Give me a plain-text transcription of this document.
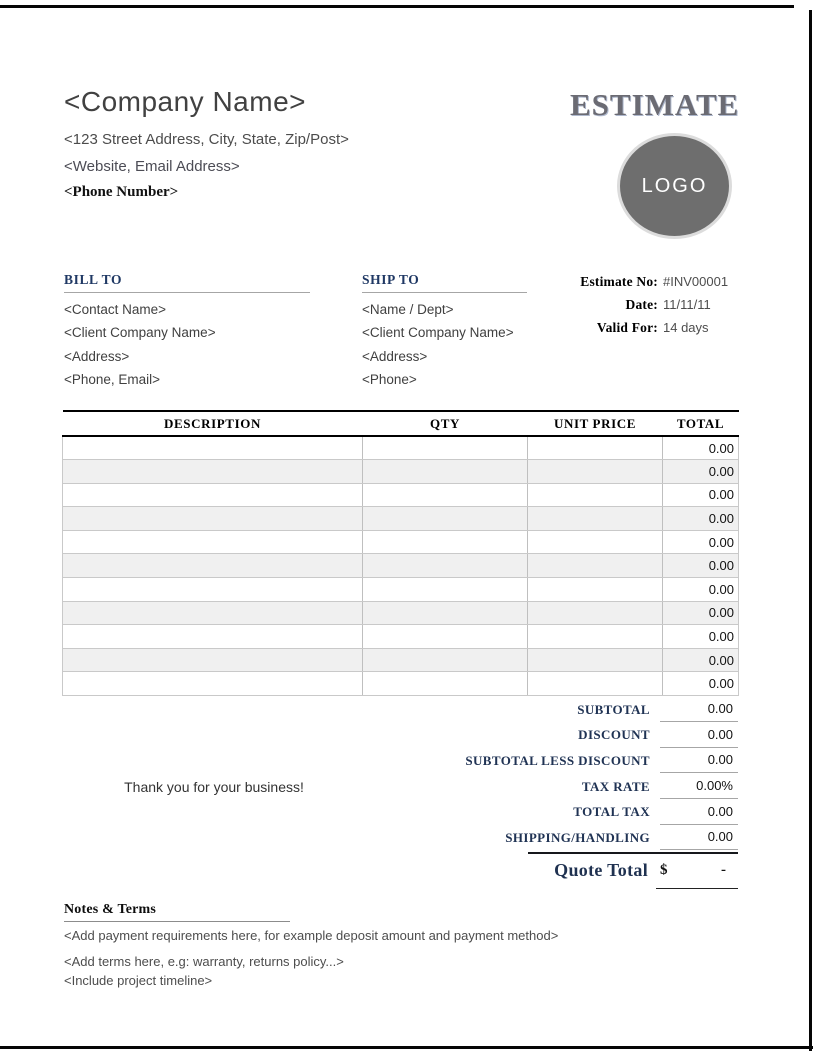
<Company Name>
<123 Street Address, City, State, Zip/Post>
<Website, Email Address>
<Phone Number>
ESTIMATE
LOGO
BILL TO
<Contact Name>
<Client Company Name>
<Address>
<Phone, Email>
SHIP TO
<Name / Dept>
<Client Company Name>
<Address>
<Phone>
Estimate No: #INV00001
Date: 11/11/11
Valid For: 14 days
DESCRIPTION	QTY	UNIT PRICE	TOTAL
			0.00
			0.00
			0.00
			0.00
			0.00
			0.00
			0.00
			0.00
			0.00
			0.00
			0.00
SUBTOTAL	0.00
DISCOUNT	0.00
SUBTOTAL LESS DISCOUNT	0.00
TAX RATE	0.00%
TOTAL TAX	0.00
SHIPPING/HANDLING	0.00
Quote Total $	-
Thank you for your business!
Notes & Terms
<Add payment requirements here, for example deposit amount and payment method>
<Add terms here, e.g: warranty, returns policy...>
<Include project timeline>
